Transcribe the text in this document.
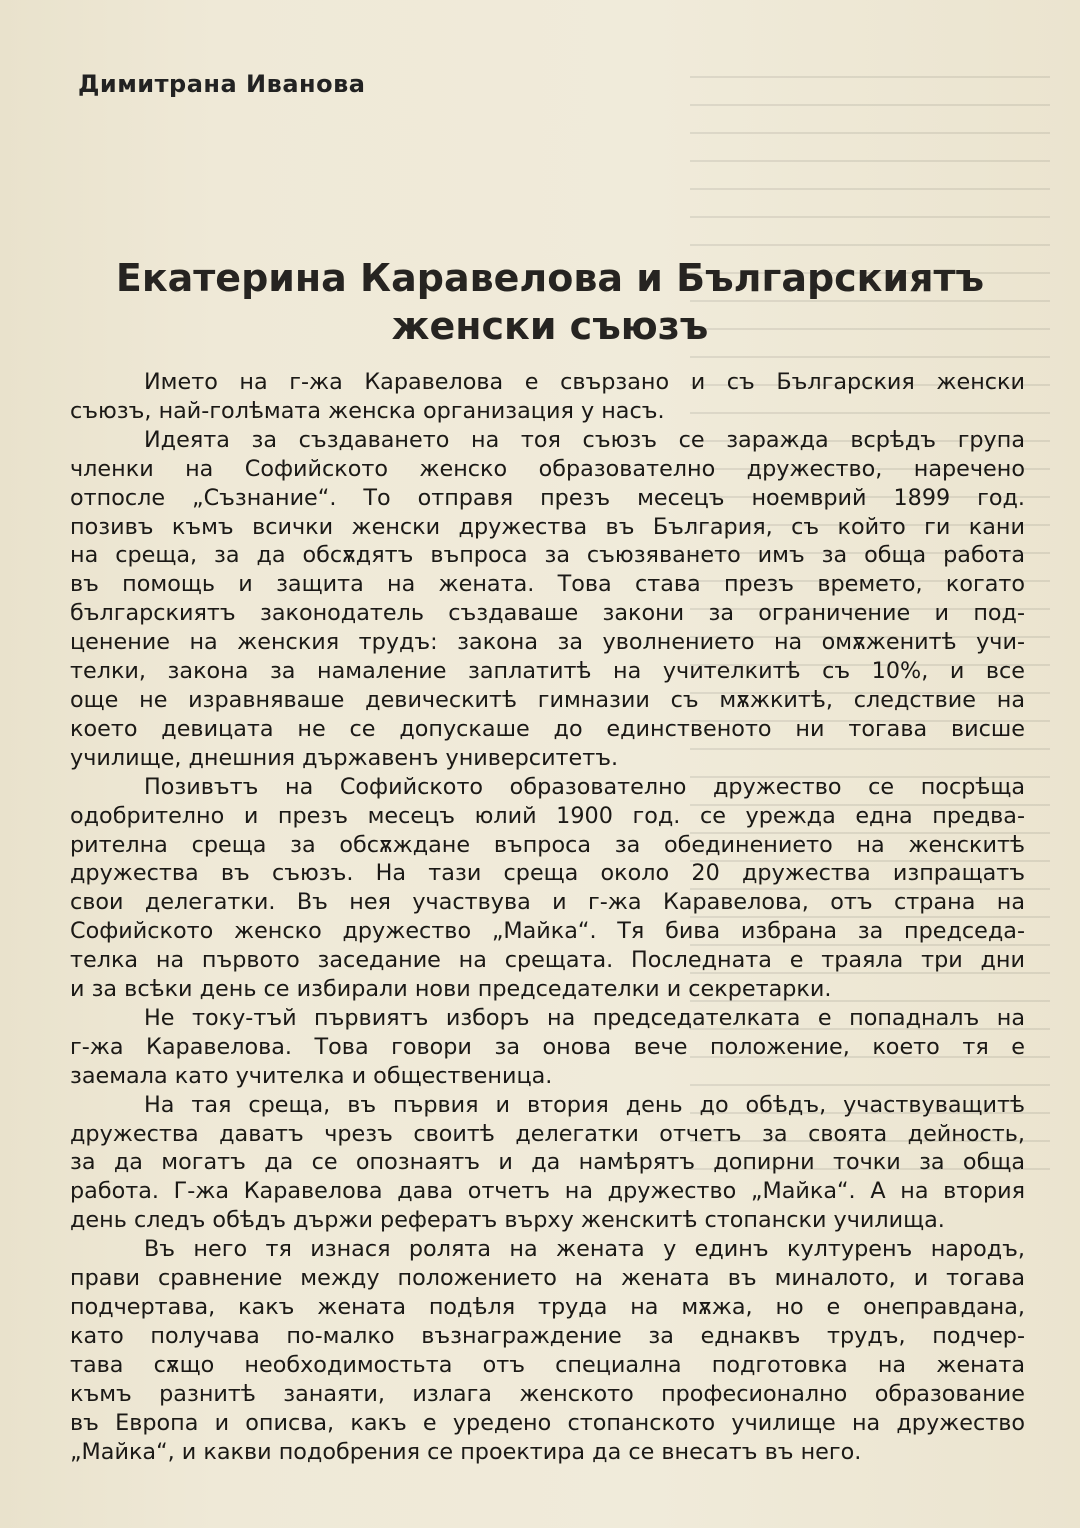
Димитрана Иванова
Екатерина Каравелова и Българскиятъ
женски съюзъ
Името на г-жа Каравелова е свързано и съ Българския женски
съюзъ, най-голѣмата женска организация у насъ.
Идеята за създаването на тоя съюзъ се заражда всрѣдъ група
членки на Софийското женско образователно дружество, наречено
отпосле „Съзнание“. То отправя презъ месецъ ноемврий 1899 год.
позивъ къмъ всички женски дружества въ България, съ който ги кани
на среща, за да обсѫдятъ въпроса за съюзяването имъ за обща работа
въ помощь и защита на жената. Това става презъ времето, когато
българскиятъ законодатель създаваше закони за ограничение и под-
ценение на женския трудъ: закона за уволнението на омѫженитѣ учи-
телки, закона за намаление заплатитѣ на учителкитѣ съ 10%, и все
още не изравняваше девическитѣ гимназии съ мѫжкитѣ, следствие на
което девицата не се допускаше до единственото ни тогава висше
училище, днешния държавенъ университетъ.
Позивътъ на Софийското образователно дружество се посрѣща
одобрително и презъ месецъ юлий 1900 год. се урежда една предва-
рителна среща за обсѫждане въпроса за обединението на женскитѣ
дружества въ съюзъ. На тази среща около 20 дружества изпращатъ
свои делегатки. Въ нея участвува и г-жа Каравелова, отъ страна на
Софийското женско дружество „Майка“. Тя бива избрана за председа-
телка на първото заседание на срещата. Последната е траяла три дни
и за всѣки день се избирали нови председателки и секретарки.
Не току-тъй първиятъ изборъ на председателката е попадналъ на
г-жа Каравелова. Това говори за онова вече положение, което тя е
заемала като учителка и общественица.
На тая среща, въ първия и втория день до обѣдъ, участвуващитѣ
дружества даватъ чрезъ своитѣ делегатки отчетъ за своята дейность,
за да могатъ да се опознаятъ и да намѣрятъ допирни точки за обща
работа. Г-жа Каравелова дава отчетъ на дружество „Майка“. А на втория
день следъ обѣдъ държи рефератъ върху женскитѣ стопански училища.
Въ него тя изнася ролята на жената у единъ културенъ народъ,
прави сравнение между положението на жената въ миналото, и тогава
подчертава, какъ жената подѣля труда на мѫжа, но е онеправдана,
като получава по-малко възнаграждение за еднаквъ трудъ, подчер-
тава сѫщо необходимостьта отъ специална подготовка на жената
къмъ разнитѣ занаяти, излага женското професионално образование
въ Европа и описва, какъ е уредено стопанското училище на дружество
„Майка“, и какви подобрения се проектира да се внесатъ въ него.
